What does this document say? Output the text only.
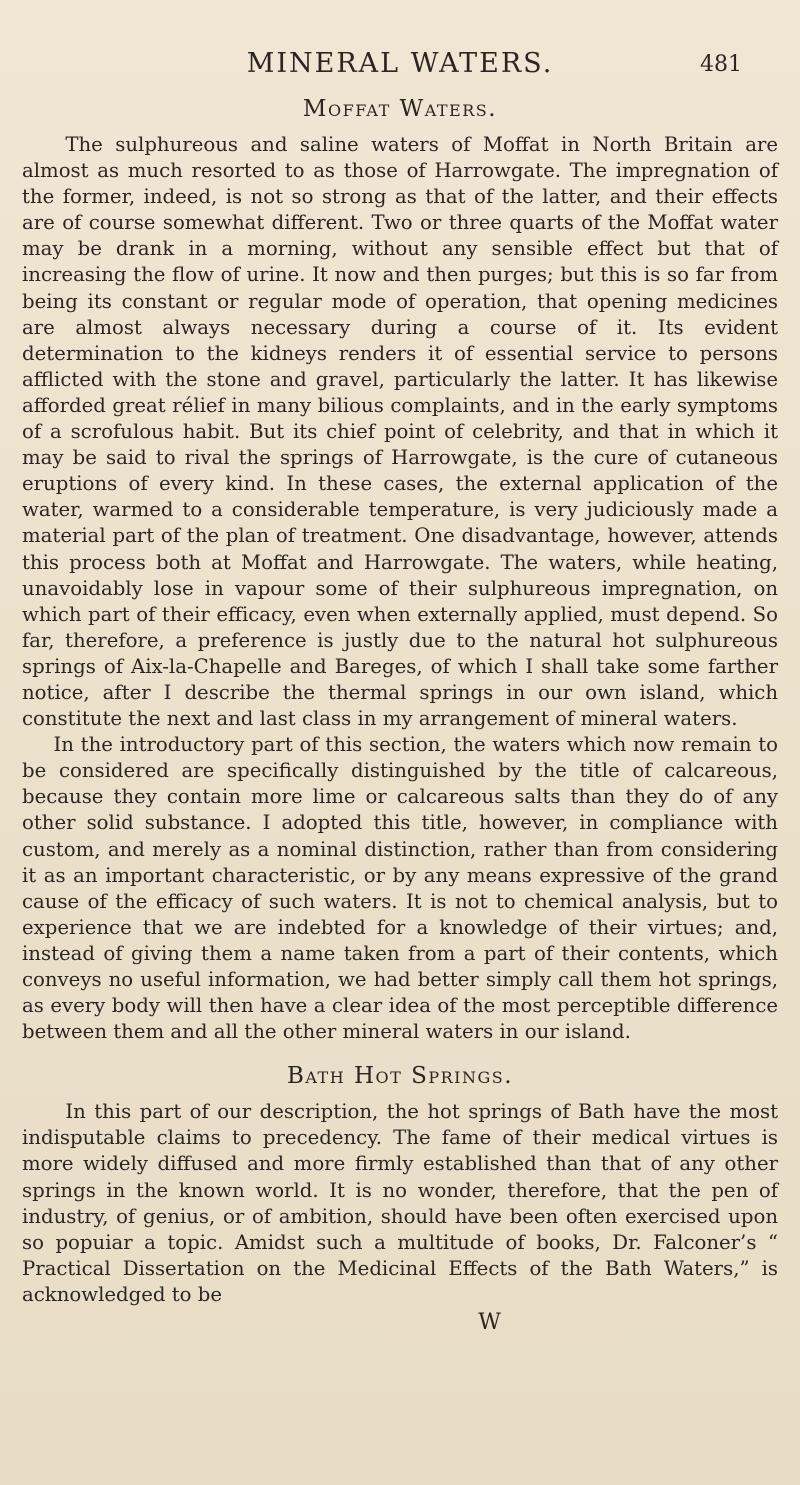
MINERAL WATERS.	481
Moffat Waters.

The sulphureous and saline waters of Moffat in North Britain are almost as much resorted to as those of Harrowgate. The impregnation of the former, indeed, is not so strong as that of the latter, and their effects are of course somewhat different. Two or three quarts of the Moffat water may be drank in a morning, without any sensible effect but that of increasing the flow of urine. It now and then purges; but this is so far from being its constant or regular mode of operation, that opening medicines are almost always necessary during a course of it. Its evident determination to the kidneys renders it of essential service to persons afflicted with the stone and gravel, particularly the latter. It has likewise afforded great rélief in many bilious complaints, and in the early symptoms of a scrofulous habit. But its chief point of celebrity, and that in which it may be said to rival the springs of Harrowgate, is the cure of cutaneous eruptions of every kind. In these cases, the external application of the water, warmed to a considerable temperature, is very judiciously made a material part of the plan of treatment. One disadvantage, however, attends this process both at Moffat and Harrowgate. The waters, while heating, unavoidably lose in vapour some of their sulphureous impregnation, on which part of their efficacy, even when externally applied, must depend. So far, therefore, a preference is justly due to the natural hot sulphureous springs of Aix-la-Chapelle and Bareges, of which I shall take some farther notice, after I describe the thermal springs in our own island, which constitute the next and last class in my arrangement of mineral waters.

In the introductory part of this section, the waters which now remain to be considered are specifically distinguished by the title of calcareous, because they contain more lime or calcareous salts than they do of any other solid substance. I adopted this title, however, in compliance with custom, and merely as a nominal distinction, rather than from considering it as an important characteristic, or by any means expressive of the grand cause of the efficacy of such waters. It is not to chemical analysis, but to experience that we are indebted for a knowledge of their virtues; and, instead of giving them a name taken from a part of their contents, which conveys no useful information, we had better simply call them hot springs, as every body will then have a clear idea of the most perceptible difference between them and all the other mineral waters in our island.

Bath Hot Springs.

In this part of our description, the hot springs of Bath have the most indisputable claims to precedency. The fame of their medical virtues is more widely diffused and more firmly established than that of any other springs in the known world. It is no wonder, therefore, that the pen of industry, of genius, or of ambition, should have been often exercised upon so popuiar a topic. Amidst such a multitude of books, Dr. Falconer’s “ Practical Dissertation on the Medicinal Effects of the Bath Waters,” is acknowledged to be

W
